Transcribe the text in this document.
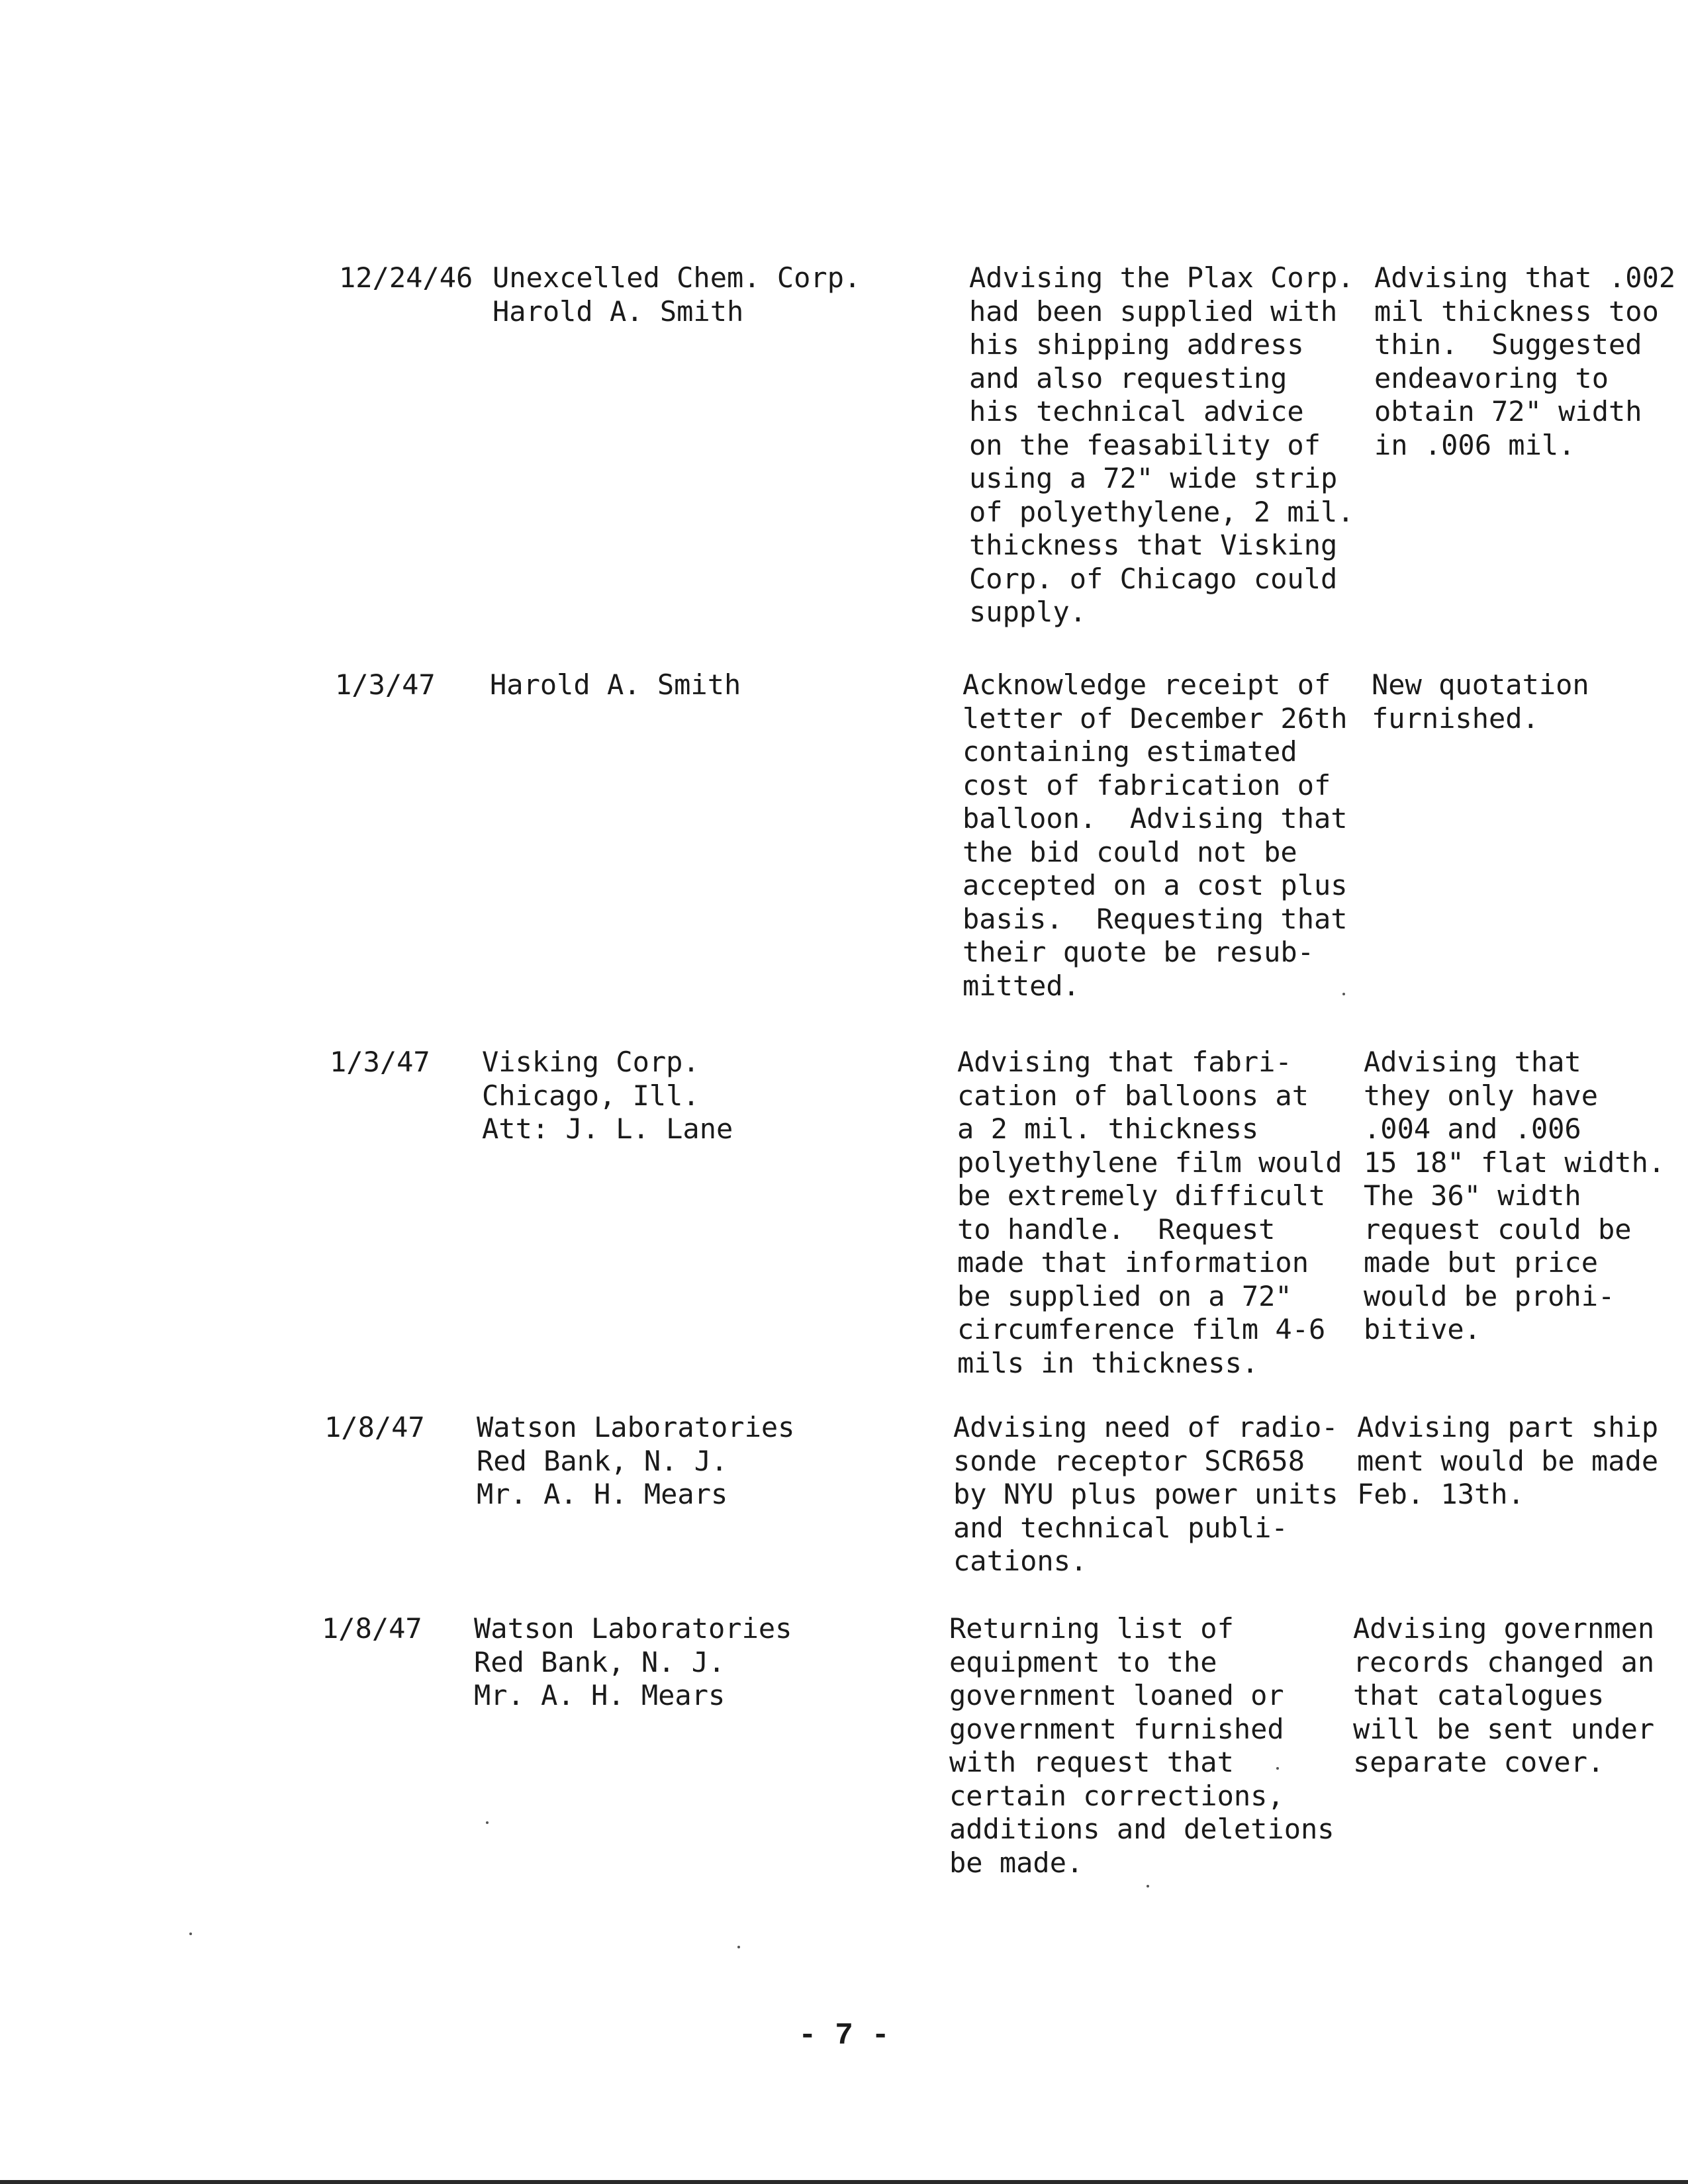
12/24/46 Unexcelled Chem. Corp.
Harold A. Smith
Advising the Plax Corp.
had been supplied with
his shipping address
and also requesting
his technical advice
on the feasability of
using a 72" wide strip
of polyethylene, 2 mil.
thickness that Visking
Corp. of Chicago could
supply.
Advising that .002
mil thickness too
thin.  Suggested
endeavoring to
obtain 72" width
in .006 mil.
1/3/47 Harold A. Smith	Acknowledge receipt of
letter of December 26th
containing estimated
cost of fabrication of
balloon.  Advising that
the bid could not be
accepted on a cost plus
basis.  Requesting that
their quote be resub-
mitted.
New quotation
furnished.
1/3/47 Visking Corp.
Chicago, Ill.
Att: J. L. Lane
Advising that fabri-
cation of balloons at
a 2 mil. thickness
polyethylene film would
be extremely difficult
to handle.  Request
made that information
be supplied on a 72"
circumference film 4-6
mils in thickness.
Advising that
they only have
.004 and .006
15 18" flat width.
The 36" width
request could be
made but price
would be prohi-
bitive.
1/8/47 Watson Laboratories
Red Bank, N. J.
Mr. A. H. Mears
Advising need of radio-
sonde receptor SCR658
by NYU plus power units
and technical publi-
cations.
Advising part ship
ment would be made
Feb. 13th.
1/8/47 Watson Laboratories
Red Bank, N. J.
Mr. A. H. Mears
Returning list of
equipment to the
government loaned or
government furnished
with request that
certain corrections,
additions and deletions
be made.
Advising governmen
records changed an
that catalogues
will be sent under
separate cover.
- 7 -
